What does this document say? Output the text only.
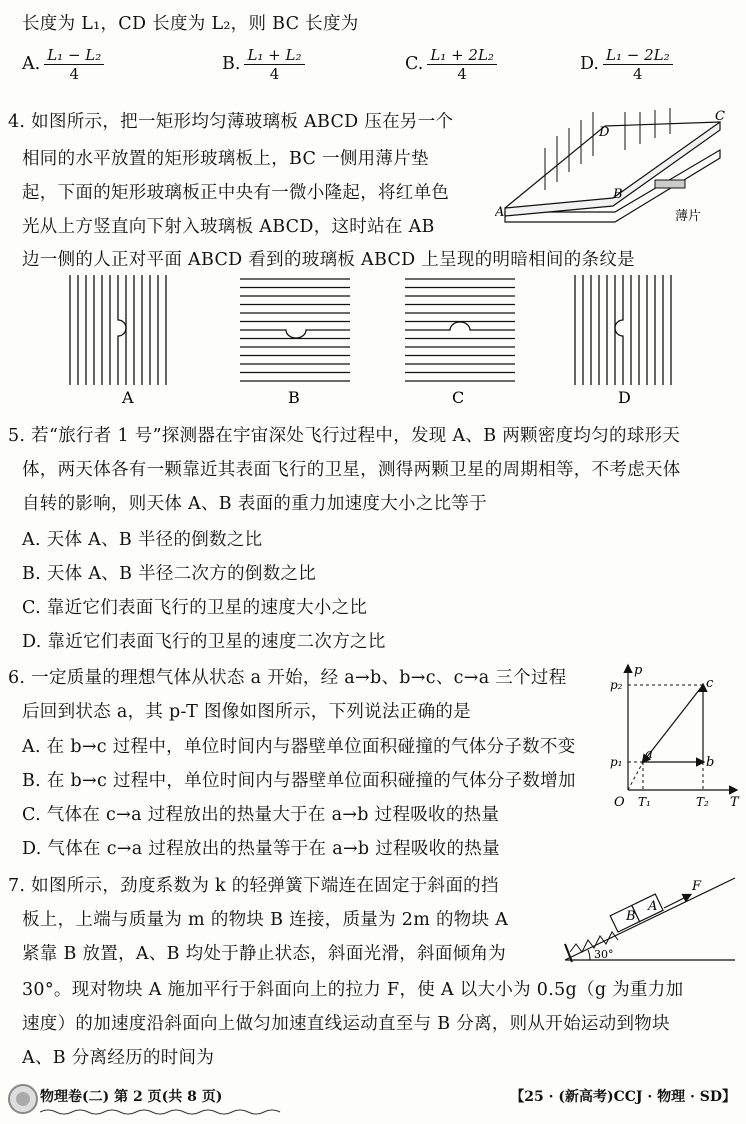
长度为 L₁，CD 长度为 L₂，则 BC 长度为
A. $\frac{\text{L₁ − L₂}}{4}$	B. $\frac{\text{L₁ + L₂}}{4}$	C. $\frac{\text{L₁ + 2L₂}}{4}$	D. $\frac{\text{L₁ − 2L₂}}{4}$
4. 如图所示，把一矩形均匀薄玻璃板 ABCD 压在另一个
相同的水平放置的矩形玻璃板上，BC 一侧用薄片垫
起，下面的矩形玻璃板正中央有一微小隆起，将红单色
光从上方竖直向下射入玻璃板 ABCD，这时站在 AB
边一侧的人正对平面 ABCD 看到的玻璃板 ABCD 上呈现的明暗相间的条纹是
A
B
C
D
薄片
A	B	C	D
5. 若“旅行者 1 号”探测器在宇宙深处飞行过程中，发现 A、B 两颗密度均匀的球形天
体，两天体各有一颗靠近其表面飞行的卫星，测得两颗卫星的周期相等，不考虑天体
自转的影响，则天体 A、B 表面的重力加速度大小之比等于
A. 天体 A、B 半径的倒数之比
B. 天体 A、B 半径二次方的倒数之比
C. 靠近它们表面飞行的卫星的速度大小之比
D. 靠近它们表面飞行的卫星的速度二次方之比
6. 一定质量的理想气体从状态 a 开始，经 a→b、b→c、c→a 三个过程
后回到状态 a，其 p-T 图像如图所示，下列说法正确的是
A. 在 b→c 过程中，单位时间内与器壁单位面积碰撞的气体分子数不变
B. 在 b→c 过程中，单位时间内与器壁单位面积碰撞的气体分子数增加
C. 气体在 c→a 过程放出的热量大于在 a→b 过程吸收的热量
D. 气体在 c→a 过程放出的热量等于在 a→b 过程吸收的热量
p
T
p₂
p₁
O T₁	T₂
a
b
c
7. 如图所示，劲度系数为 k 的轻弹簧下端连在固定于斜面的挡
板上，上端与质量为 m 的物块 B 连接，质量为 2m 的物块 A
紧靠 B 放置，A、B 均处于静止状态，斜面光滑，斜面倾角为
30°。现对物块 A 施加平行于斜面向上的拉力 F，使 A 以大小为 0.5g（g 为重力加
速度）的加速度沿斜面向上做匀加速直线运动直至与 B 分离，则从开始运动到物块
A、B 分离经历的时间为
F
B
A
30°
物理卷(二) 第 2 页(共 8 页)	【25 · (新高考)CCJ · 物理 · SD】
